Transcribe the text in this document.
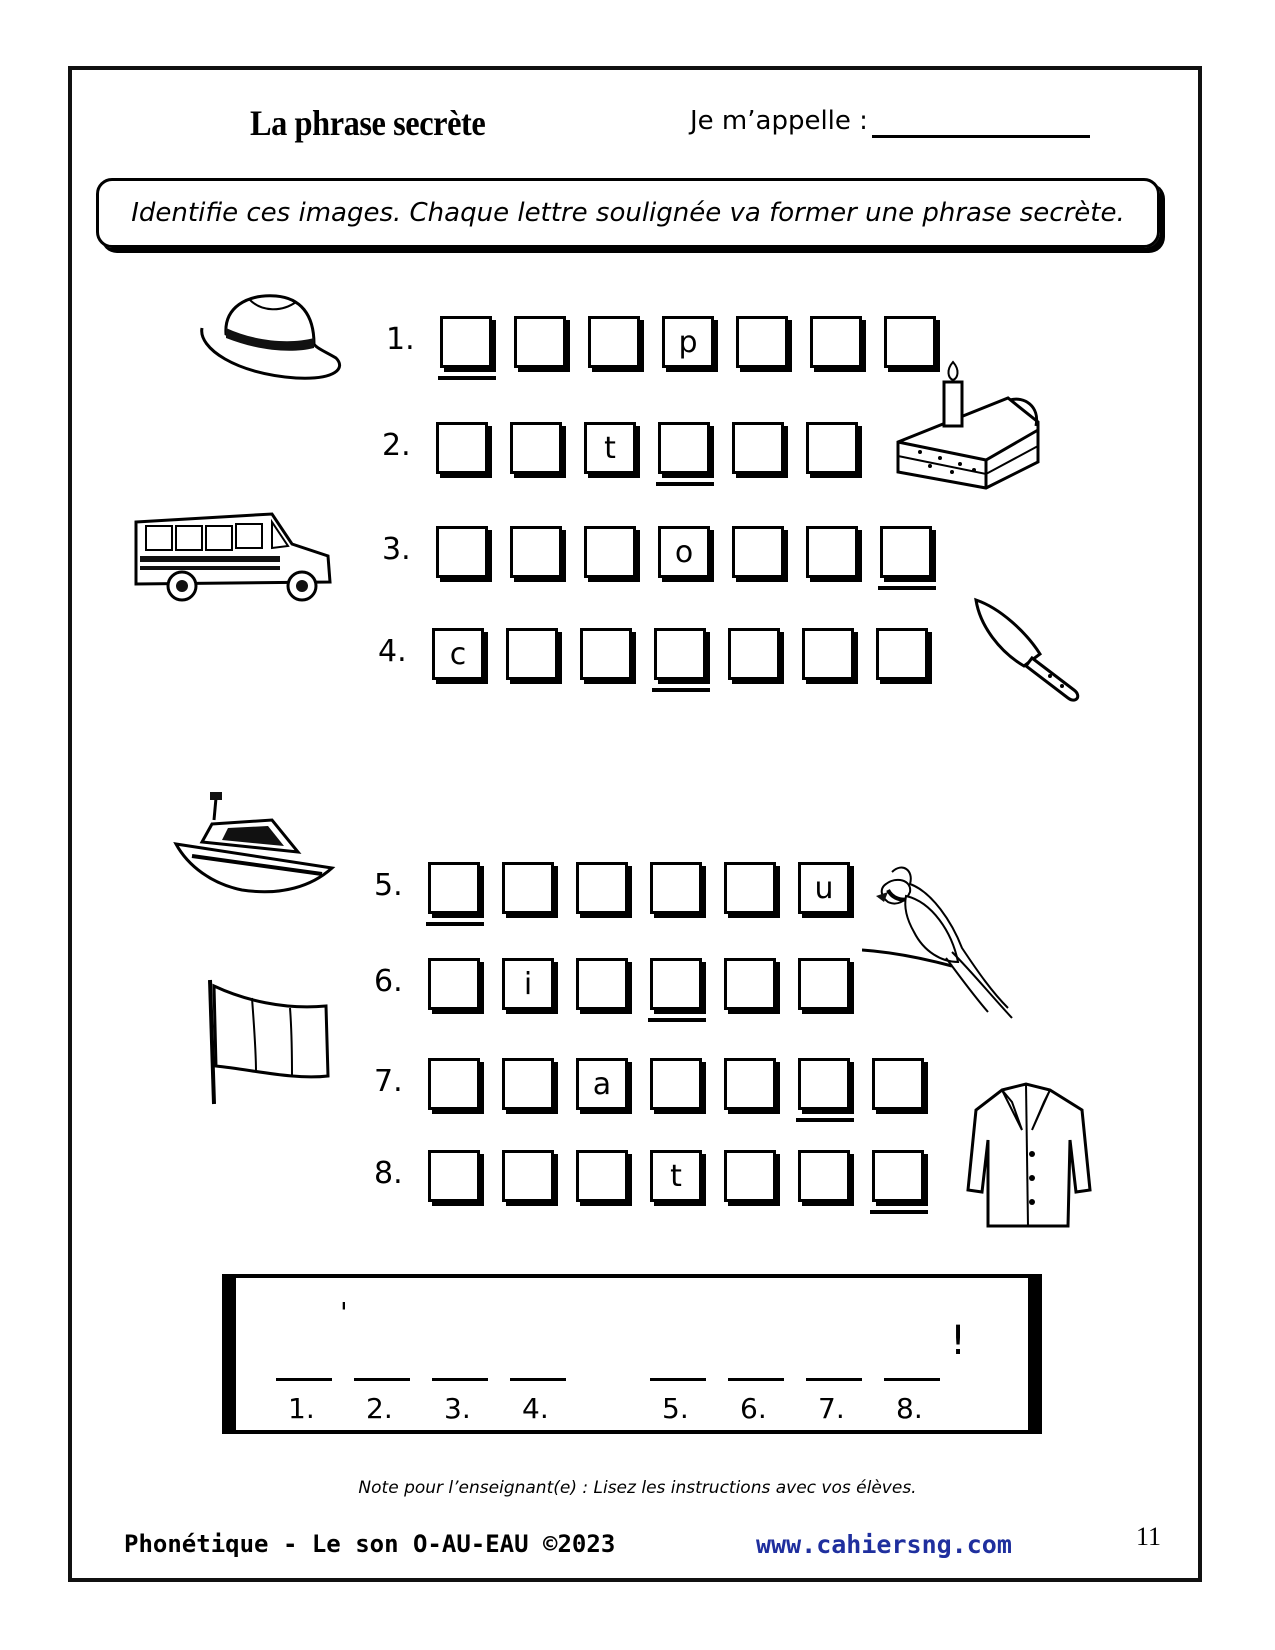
La phrase secrète	Je m’appelle :
Identifie ces images. Chaque lettre soulignée va former une phrase secrète.
1.	p
2.	t
3.	o
4.	c
5.	u
6.	i
7.	a
8.	t
'
!
1. 2. 3. 4.	5. 6. 7. 8.
Note pour l’enseignant(e) : Lisez les instructions avec vos élèves.
Phonétique - Le son O-AU-EAU ©2023	www.cahiersng.com	11
